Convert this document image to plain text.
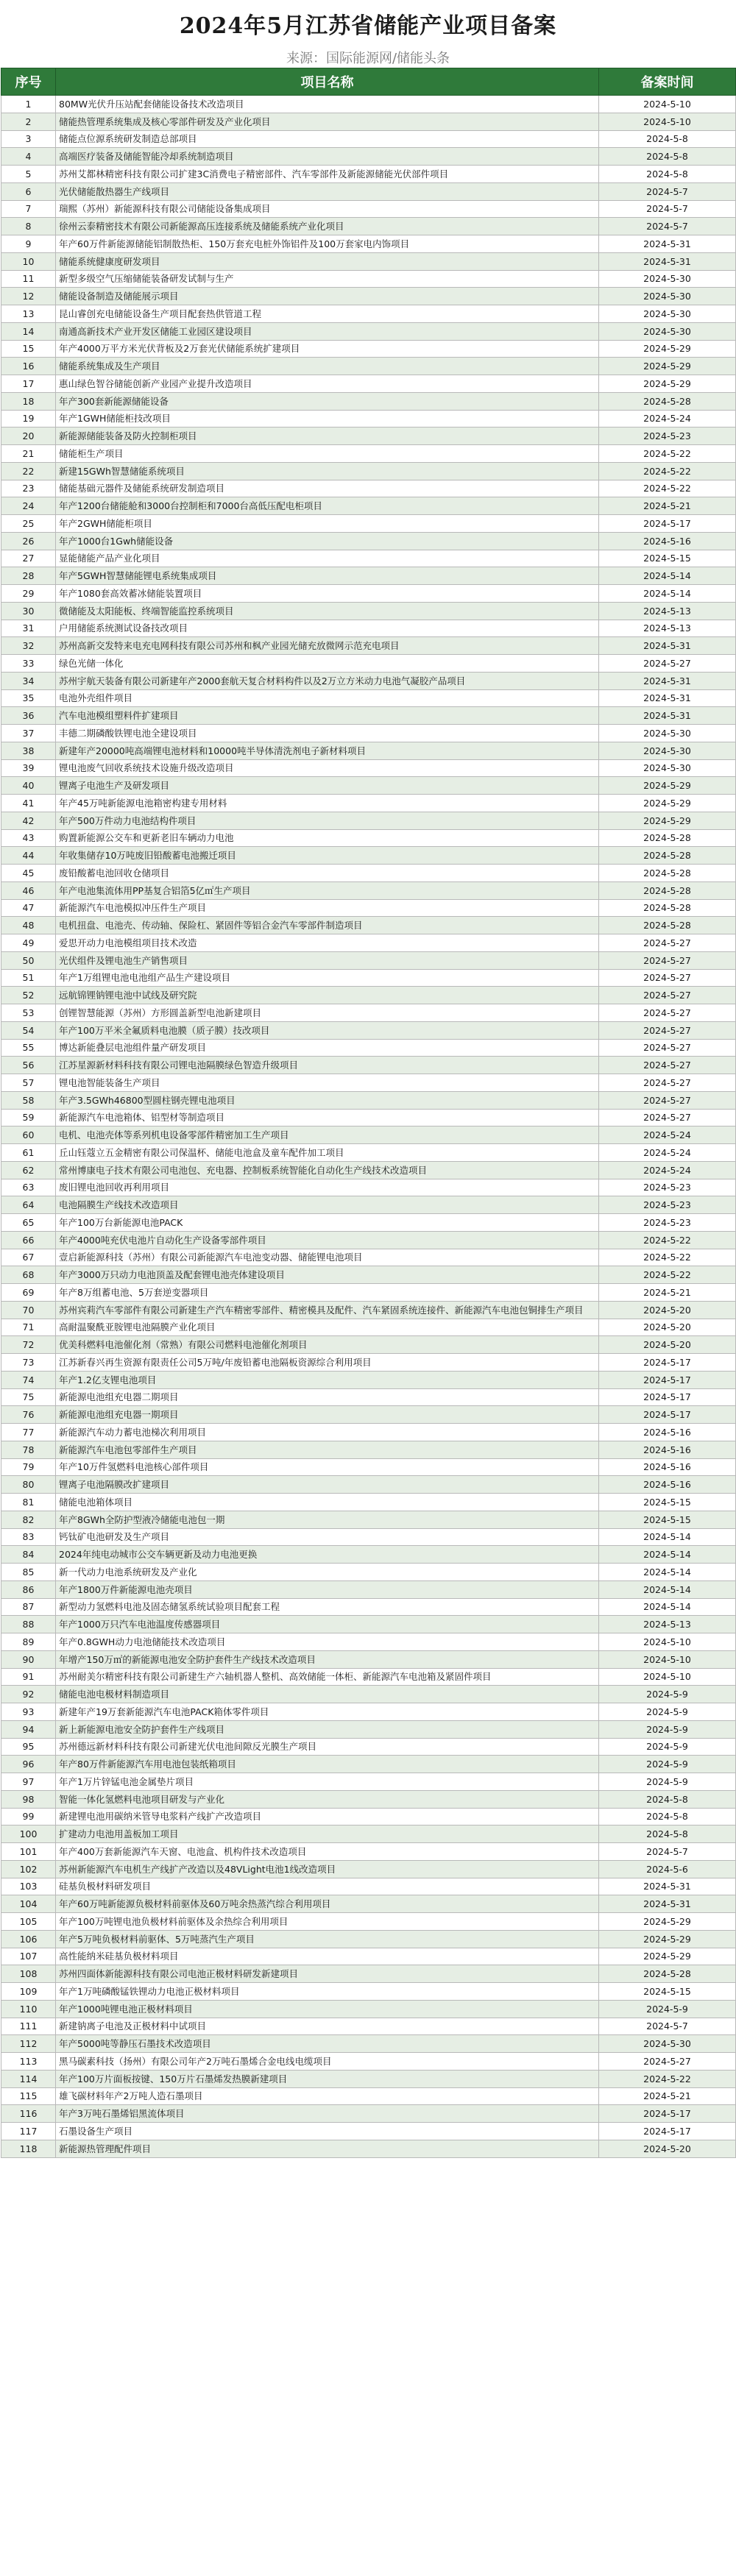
2024年5月江苏省储能产业项目备案
来源：国际能源网/储能头条
序号	项目名称	备案时间
1	80MW光伏升压站配套储能设备技术改造项目	2024-5-10
2	储能热管理系统集成及核心零部件研发及产业化项目	2024-5-10
3	储能点位源系统研发制造总部项目	2024-5-8
4	高端医疗装备及储能智能冷却系统制造项目	2024-5-8
5	苏州艾都林精密科技有限公司扩建3C消费电子精密部件、汽车零部件及新能源储能光伏部件项目	2024-5-8
6	光伏储能散热器生产线项目	2024-5-7
7	瑞熙（苏州）新能源科技有限公司储能设备集成项目	2024-5-7
8	徐州云泰精密技术有限公司新能源高压连接系统及储能系统产业化项目	2024-5-7
9	年产60万件新能源储能铝制散热柜、150万套充电桩外饰铝件及100万套家电内饰项目	2024-5-31
10	储能系统健康度研发项目	2024-5-31
11	新型多级空气压缩储能装备研发试制与生产	2024-5-30
12	储能设备制造及储能展示项目	2024-5-30
13	昆山睿创充电储能设备生产项目配套热供管道工程	2024-5-30
14	南通高新技术产业开发区储能工业园区建设项目	2024-5-30
15	年产4000万平方米光伏背板及2万套光伏储能系统扩建项目	2024-5-29
16	储能系统集成及生产项目	2024-5-29
17	惠山绿色智谷储能创新产业园产业提升改造项目	2024-5-29
18	年产300套新能源储能设备	2024-5-28
19	年产1GWH储能柜技改项目	2024-5-24
20	新能源储能装备及防火控制柜项目	2024-5-23
21	储能柜生产项目	2024-5-22
22	新建15GWh智慧储能系统项目	2024-5-22
23	储能基础元器件及储能系统研发制造项目	2024-5-22
24	年产1200台储能舱和3000台控制柜和7000台高低压配电柜项目	2024-5-21
25	年产2GWH储能柜项目	2024-5-17
26	年产1000台1Gwh储能设备	2024-5-16
27	显能储能产品产业化项目	2024-5-15
28	年产5GWH智慧储能锂电系统集成项目	2024-5-14
29	年产1080套高效蓄冰储能装置项目	2024-5-14
30	微储能及太阳能板、终端智能监控系统项目	2024-5-13
31	户用储能系统测试设备技改项目	2024-5-13
32	苏州高新交发特来电充电网科技有限公司苏州和枫产业园光储充放微网示范充电项目	2024-5-31
33	绿色光储一体化	2024-5-27
34	苏州宇航天装备有限公司新建年产2000套航天复合材料构件以及2万立方米动力电池气凝胶产品项目	2024-5-31
35	电池外壳组件项目	2024-5-31
36	汽车电池模组塑料件扩建项目	2024-5-31
37	丰德二期磷酸铁锂电池全建设项目	2024-5-30
38	新建年产20000吨高端锂电池材料和10000吨半导体清洗剂电子新材料项目	2024-5-30
39	锂电池废气回收系统技术设施升级改造项目	2024-5-30
40	锂离子电池生产及研发项目	2024-5-29
41	年产45万吨新能源电池箱密构建专用材料	2024-5-29
42	年产500万件动力电池结构件项目	2024-5-29
43	购置新能源公交车和更新老旧车辆动力电池	2024-5-28
44	年收集储存10万吨废旧铅酸蓄电池搬迁项目	2024-5-28
45	废铅酸蓄电池回收仓储项目	2024-5-28
46	年产电池集流体用PP基复合铝箔5亿㎡生产项目	2024-5-28
47	新能源汽车电池模拟冲压件生产项目	2024-5-28
48	电机扭盘、电池壳、传动轴、保险杠、紧固件等铝合金汽车零部件制造项目	2024-5-28
49	爱思开动力电池模组项目技术改造	2024-5-27
50	光伏组件及锂电池生产销售项目	2024-5-27
51	年产1万组锂电池电池组产品生产建设项目	2024-5-27
52	远航锦锂钠锂电池中试线及研究院	2024-5-27
53	创锂智慧能源（苏州）方形圆盖新型电池新建项目	2024-5-27
54	年产100万平米全氟质料电池膜（质子膜）技改项目	2024-5-27
55	博达新能叠层电池组件量产研发项目	2024-5-27
56	江苏星源新材料科技有限公司锂电池隔膜绿色智造升级项目	2024-5-27
57	锂电池智能装备生产项目	2024-5-27
58	年产3.5GWh46800型圆柱钢壳锂电池项目	2024-5-27
59	新能源汽车电池箱体、铝型材等制造项目	2024-5-27
60	电机、电池壳体等系列机电设备零部件精密加工生产项目	2024-5-24
61	丘山钰蔻立五金精密有限公司保温杯、储能电池盒及童车配件加工项目	2024-5-24
62	常州博康电子技术有限公司电池包、充电器、控制板系统智能化自动化生产线技术改造项目	2024-5-24
63	废旧锂电池回收再利用项目	2024-5-23
64	电池隔膜生产线技术改造项目	2024-5-23
65	年产100万台新能源电池PACK	2024-5-23
66	年产4000吨充伏电池片自动化生产设备零部件项目	2024-5-22
67	壹启新能源科技（苏州）有限公司新能源汽车电池变动器、储能锂电池项目	2024-5-22
68	年产3000万只动力电池顶盖及配套锂电池壳体建设项目	2024-5-22
69	年产8万组蓄电池、5万套逆变器项目	2024-5-21
70	苏州宾莉汽车零部件有限公司新建生产汽车精密零部件、精密模具及配件、汽车紧固系统连接件、新能源汽车电池包铜排生产项目	2024-5-20
71	高耐温聚酰亚胺锂电池隔膜产业化项目	2024-5-20
72	优美科燃料电池催化剂（常熟）有限公司燃料电池催化剂项目	2024-5-20
73	江苏新春兴再生资源有限责任公司5万吨/年废铅蓄电池隔板资源综合利用项目	2024-5-17
74	年产1.2亿支锂电池项目	2024-5-17
75	新能源电池组充电器二期项目	2024-5-17
76	新能源电池组充电器一期项目	2024-5-17
77	新能源汽车动力蓄电池梯次利用项目	2024-5-16
78	新能源汽车电池包零部件生产项目	2024-5-16
79	年产10万件氢燃料电池核心部件项目	2024-5-16
80	锂离子电池隔膜改扩建项目	2024-5-16
81	储能电池箱体项目	2024-5-15
82	年产8GWh全防护型液冷储能电池包一期	2024-5-15
83	钙钛矿电池研发及生产项目	2024-5-14
84	2024年纯电动城市公交车辆更新及动力电池更换	2024-5-14
85	新一代动力电池系统研发及产业化	2024-5-14
86	年产1800万件新能源电池壳项目	2024-5-14
87	新型动力氢燃料电池及固态储氢系统试验项目配套工程	2024-5-14
88	年产1000万只汽车电池温度传感器项目	2024-5-13
89	年产0.8GWH动力电池储能技术改造项目	2024-5-10
90	年增产150万㎡的新能源电池安全防护套件生产线技术改造项目	2024-5-10
91	苏州耐美尔精密科技有限公司新建生产六轴机器人整机、高效储能一体柜、新能源汽车电池箱及紧固件项目	2024-5-10
92	储能电池电极材料制造项目	2024-5-9
93	新建年产19万套新能源汽车电池PACK箱体零件项目	2024-5-9
94	新上新能源电池安全防护套件生产线项目	2024-5-9
95	苏州德远新材料科技有限公司新建光伏电池间隙反光膜生产项目	2024-5-9
96	年产80万件新能源汽车用电池包装纸箱项目	2024-5-9
97	年产1万片锌锰电池金属垫片项目	2024-5-9
98	智能一体化氢燃料电池项目研发与产业化	2024-5-8
99	新建锂电池用碳纳米管导电浆料产线扩产改造项目	2024-5-8
100	扩建动力电池用盖板加工项目	2024-5-8
101	年产400万套新能源汽车天窗、电池盒、机构件技术改造项目	2024-5-7
102	苏州新能源汽车电机生产线扩产改造以及48VLight电池1线改造项目	2024-5-6
103	硅基负极材料研发项目	2024-5-31
104	年产60万吨新能源负极材料前驱体及60万吨余热蒸汽综合利用项目	2024-5-31
105	年产100万吨锂电池负极材料前驱体及余热综合利用项目	2024-5-29
106	年产5万吨负极材料前驱体、5万吨蒸汽生产项目	2024-5-29
107	高性能纳米硅基负极材料项目	2024-5-29
108	苏州四面体新能源科技有限公司电池正极材料研发新建项目	2024-5-28
109	年产1万吨磷酸锰铁锂动力电池正极材料项目	2024-5-15
110	年产1000吨锂电池正极材料项目	2024-5-9
111	新建钠离子电池及正极材料中试项目	2024-5-7
112	年产5000吨等静压石墨技术改造项目	2024-5-30
113	黑马碳素科技（扬州）有限公司年产2万吨石墨烯合金电线电缆项目	2024-5-27
114	年产100万片面板按键、150万片石墨烯发热膜新建项目	2024-5-22
115	雄飞碳材料年产2万吨人造石墨项目	2024-5-21
116	年产3万吨石墨烯铝黑流体项目	2024-5-17
117	石墨设备生产项目	2024-5-17
118	新能源热管理配件项目	2024-5-20
